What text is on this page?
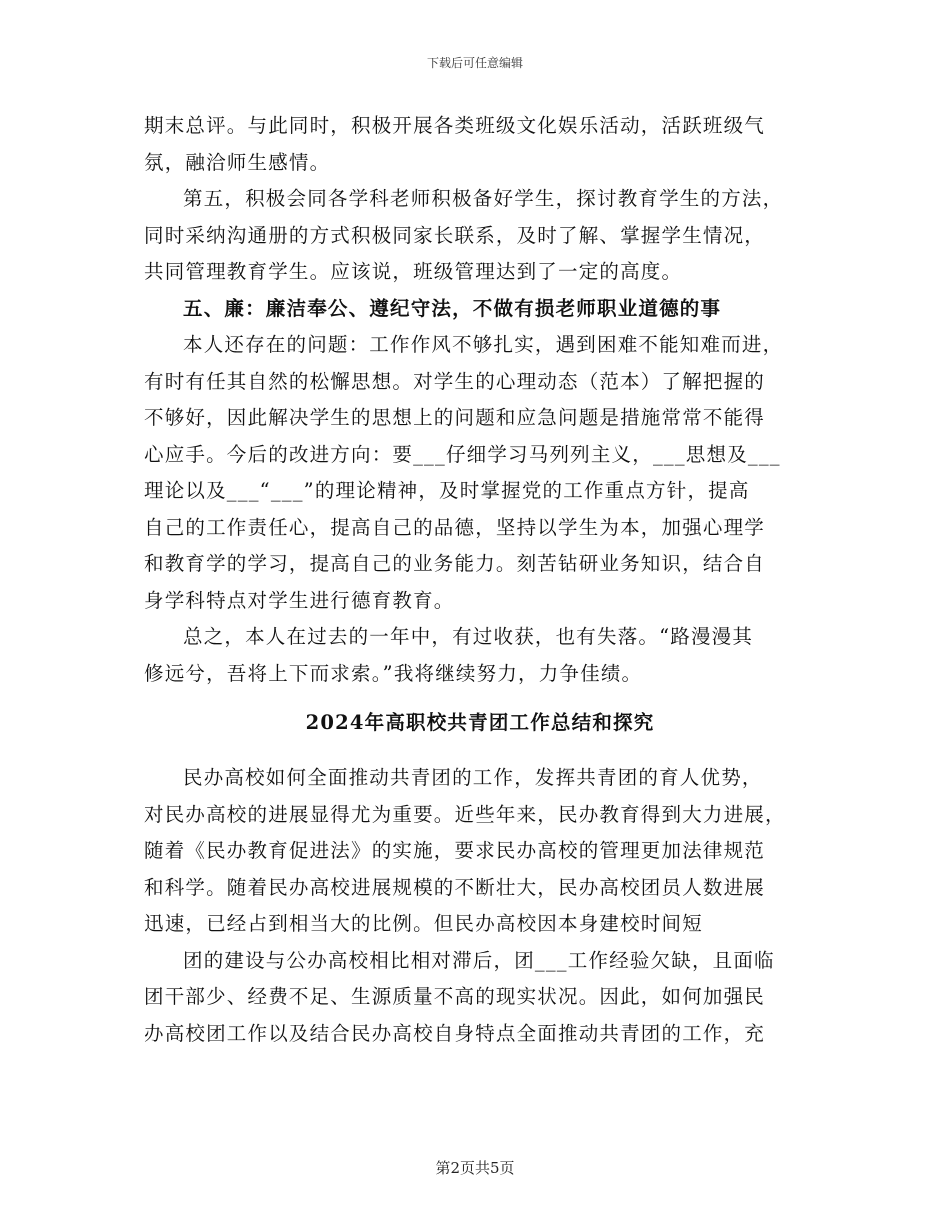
下载后可任意编辑
期末总评。与此同时，积极开展各类班级文化娱乐活动，活跃班级气
氛，融洽师生感情。
第五，积极会同各学科老师积极备好学生，探讨教育学生的方法，
同时采纳沟通册的方式积极同家长联系，及时了解、掌握学生情况，
共同管理教育学生。应该说，班级管理达到了一定的高度。
五、廉：廉洁奉公、遵纪守法，不做有损老师职业道德的事
本人还存在的问题：工作作风不够扎实，遇到困难不能知难而进，
有时有任其自然的松懈思想。对学生的心理动态（范本）了解把握的
不够好，因此解决学生的思想上的问题和应急问题是措施常常不能得
心应手。今后的改进方向：要___仔细学习马列列主义，___思想及___
理论以及___“___”的理论精神，及时掌握党的工作重点方针，提高
自己的工作责任心，提高自己的品德，坚持以学生为本，加强心理学
和教育学的学习，提高自己的业务能力。刻苦钻研业务知识，结合自
身学科特点对学生进行德育教育。
总之，本人在过去的一年中，有过收获，也有失落。“路漫漫其
修远兮，吾将上下而求索。”我将继续努力，力争佳绩。
2024年高职校共青团工作总结和探究
民办高校如何全面推动共青团的工作，发挥共青团的育人优势，
对民办高校的进展显得尤为重要。近些年来，民办教育得到大力进展，
随着《民办教育促进法》的实施，要求民办高校的管理更加法律规范
和科学。随着民办高校进展规模的不断壮大，民办高校团员人数进展
迅速，已经占到相当大的比例。但民办高校因本身建校时间短
团的建设与公办高校相比相对滞后，团___工作经验欠缺，且面临
团干部少、经费不足、生源质量不高的现实状况。因此，如何加强民
办高校团工作以及结合民办高校自身特点全面推动共青团的工作，充
第2页共5页
